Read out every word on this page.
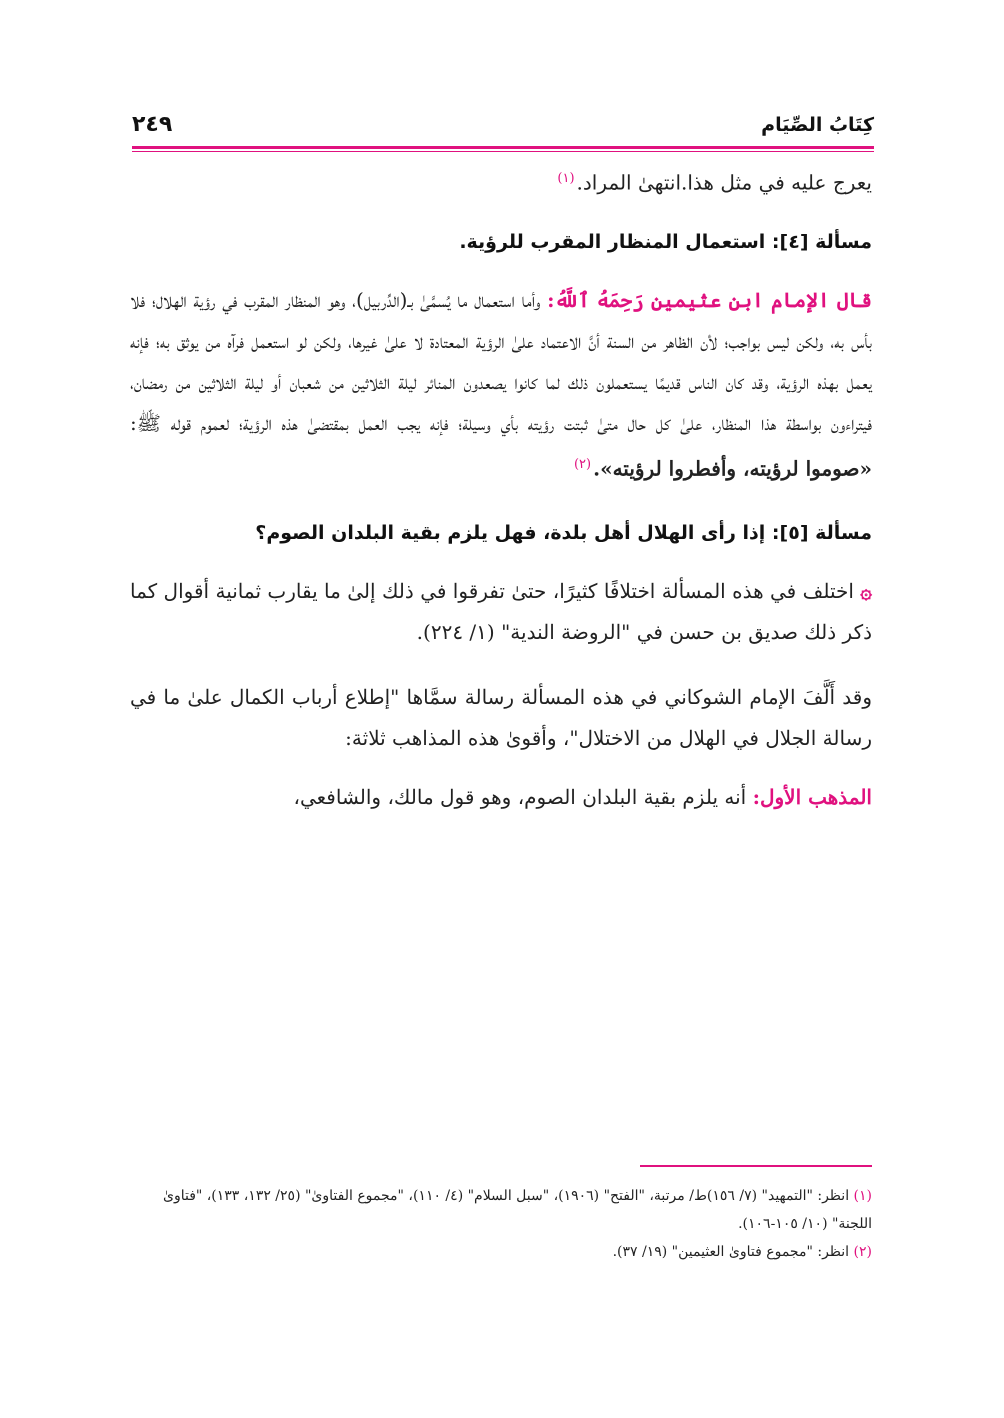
كِتَابُ الصِّيَام
٢٤٩

يعرج عليه في مثل هذا.انتهىٰ المراد.$^{(١)}$

مسألة [٤]: استعمال المنظار المقرب للرؤية.

قال الإمام ابن عثيمين رَحِمَهُ ٱللَّهُ: وأما استعمال ما يُسمَّىٰ بـ(الدِّربيل)، وهو المنظار المقرب في رؤية الهلال؛ فلا بأس به، ولكن ليس بواجب؛ لأن الظاهر من السنة أنَّ الاعتماد علىٰ الرؤية المعتادة لا علىٰ غيرها، ولكن لو استعمل فرآه من يوثق به؛ فإنه يعمل بهذه الرؤية، وقد كان الناس قديمًا يستعملون ذلك لما كانوا يصعدون المنائر ليلة الثلاثين من شعبان أو ليلة الثلاثين من رمضان، فيتراءون بواسطة هذا المنظار، علىٰ كل حال متىٰ ثبتت رؤيته بأي وسيلة؛ فإنه يجب العمل بمقتضىٰ هذه الرؤية؛ لعموم قوله ﷺ: «صوموا لرؤيته، وأفطروا لرؤيته».$^{(٢)}$

مسألة [٥]: إذا رأى الهلال أهل بلدة، فهل يلزم بقية البلدان الصوم؟

۞ اختلف في هذه المسألة اختلافًا كثيرًا، حتىٰ تفرقوا في ذلك إلىٰ ما يقارب ثمانية أقوال كما ذكر ذلك صديق بن حسن في "الروضة الندية" (١/ ٢٢٤).

وقد أَلَّفَ الإمام الشوكاني في هذه المسألة رسالة سمَّاها "إطلاع أرباب الكمال علىٰ ما في رسالة الجلال في الهلال من الاختلال"، وأقوىٰ هذه المذاهب ثلاثة:

المذهب الأول: أنه يلزم بقية البلدان الصوم، وهو قول مالك، والشافعي،

(١) انظر: "التمهيد" (٧/ ١٥٦)ط/ مرتبة، "الفتح" (١٩٠٦)، "سبل السلام" (٤/ ١١٠)، "مجموع الفتاوىٰ" (٢٥/ ١٣٢، ١٣٣)، "فتاوىٰ اللجنة" (١٠/ ١٠٥-١٠٦).

(٢) انظر: "مجموع فتاوىٰ العثيمين" (١٩/ ٣٧).
